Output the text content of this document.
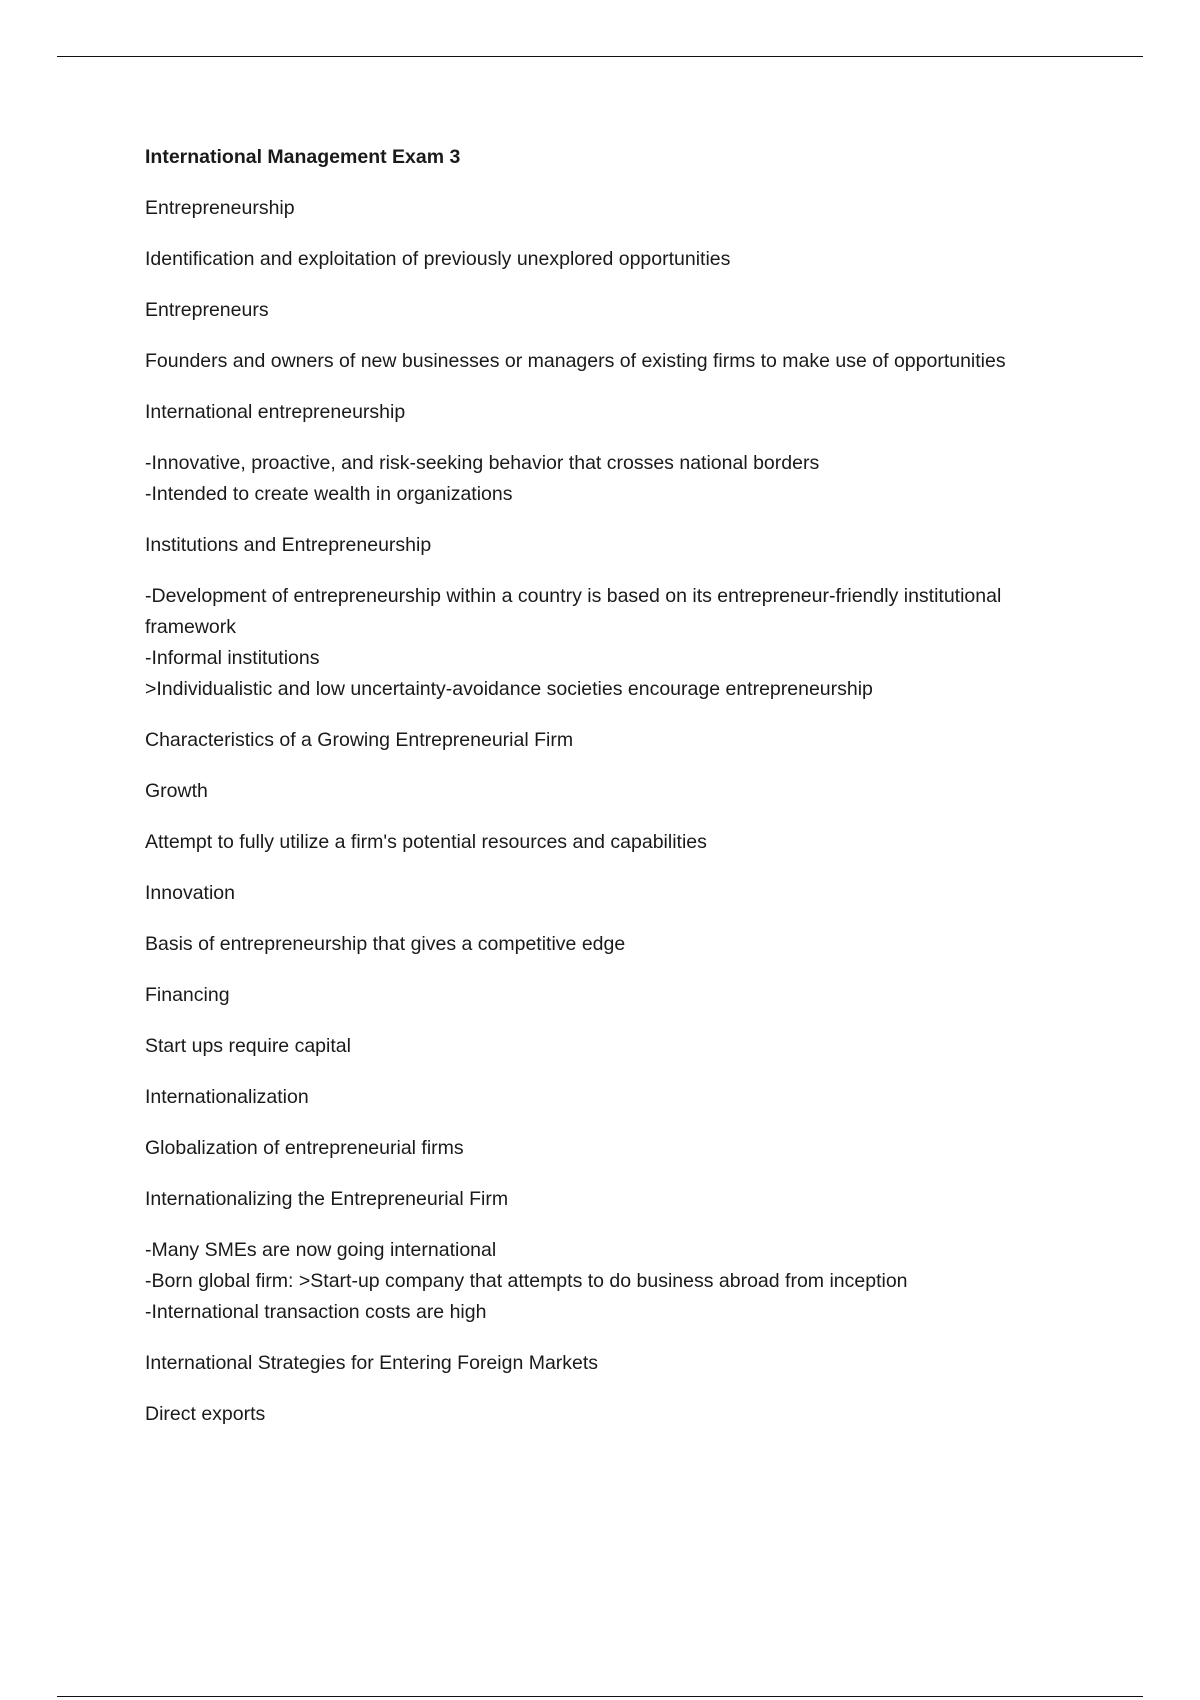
International Management Exam 3

Entrepreneurship

Identification and exploitation of previously unexplored opportunities

Entrepreneurs

Founders and owners of new businesses or managers of existing firms to make use of opportunities

International entrepreneurship

-Innovative, proactive, and risk-seeking behavior that crosses national borders
-Intended to create wealth in organizations

Institutions and Entrepreneurship

-Development of entrepreneurship within a country is based on its entrepreneur-friendly institutional framework
-Informal institutions
>Individualistic and low uncertainty-avoidance societies encourage entrepreneurship

Characteristics of a Growing Entrepreneurial Firm

Growth

Attempt to fully utilize a firm's potential resources and capabilities

Innovation

Basis of entrepreneurship that gives a competitive edge

Financing

Start ups require capital

Internationalization

Globalization of entrepreneurial firms

Internationalizing the Entrepreneurial Firm

-Many SMEs are now going international
-Born global firm: >Start-up company that attempts to do business abroad from inception
-International transaction costs are high

International Strategies for Entering Foreign Markets

Direct exports
